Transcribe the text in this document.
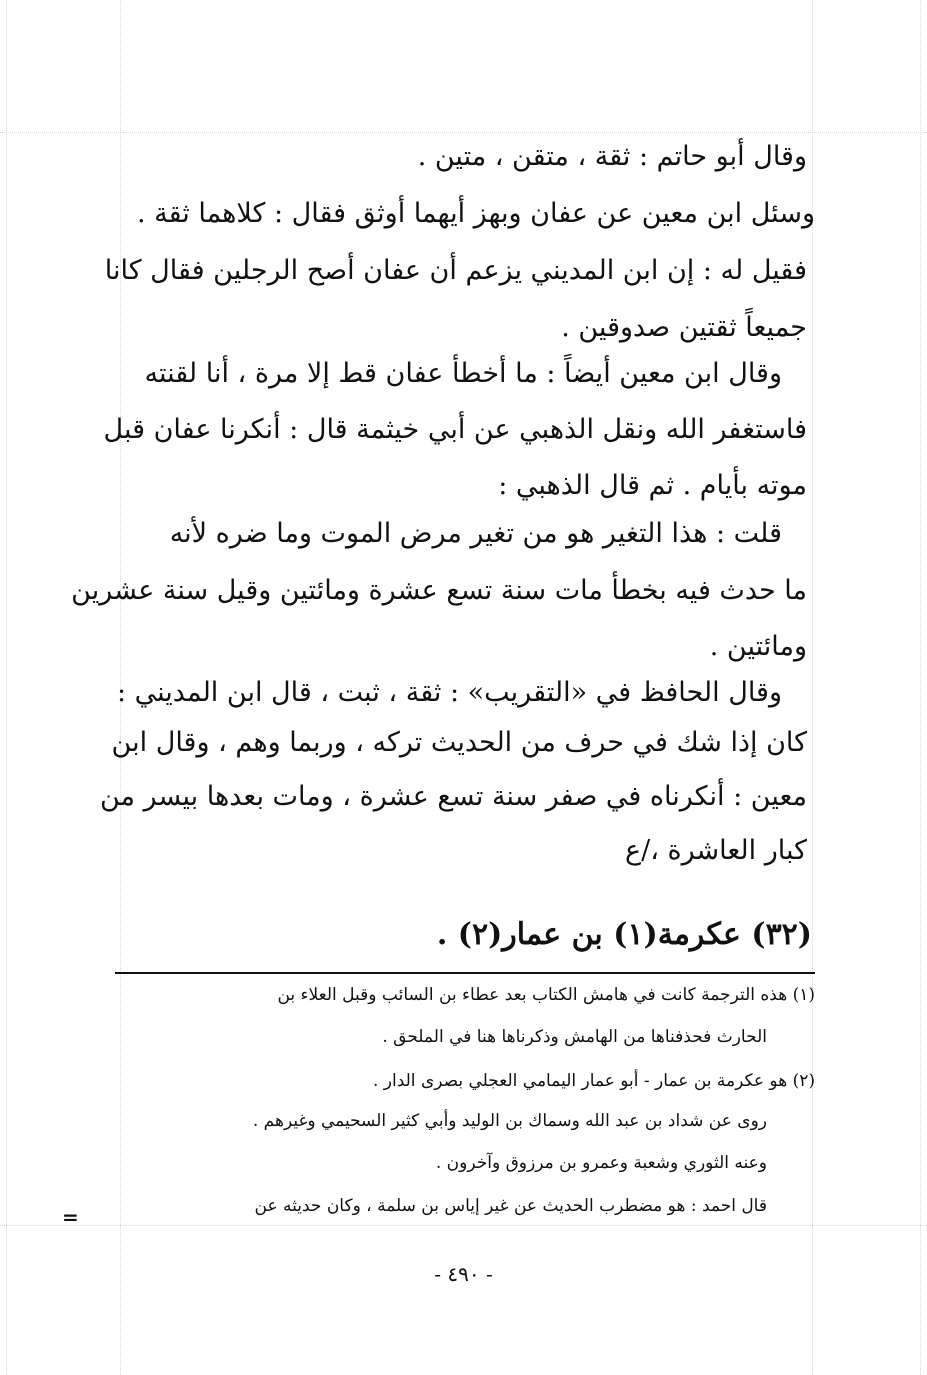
وقال أبو حاتم : ثقة ، متقن ، متين .
وسئل ابن معين عن عفان وبهز أيهما أوثق فقال : كلاهما ثقة .
فقيل له : إن ابن المديني يزعم أن عفان أصح الرجلين فقال كانا
جميعاً ثقتين صدوقين .
وقال ابن معين أيضاً : ما أخطأ عفان قط إلا مرة ، أنا لقنته
فاستغفر الله ونقل الذهبي عن أبي خيثمة قال : أنكرنا عفان قبل
موته بأيام . ثم قال الذهبي :
قلت : هذا التغير هو من تغير مرض الموت وما ضره لأنه
ما حدث فيه بخطأ مات سنة تسع عشرة ومائتين وقيل سنة عشرين
ومائتين .
وقال الحافظ في «التقريب» : ثقة ، ثبت ، قال ابن المديني :
كان إذا شك في حرف من الحديث تركه ، وربما وهم ، وقال ابن
معين : أنكرناه في صفر سنة تسع عشرة ، ومات بعدها بيسر من
كبار العاشرة ،/ع
(٣٢) عكرمة(١) بن عمار(٢) .
(١) هذه الترجمة كانت في هامش الكتاب بعد عطاء بن السائب وقبل العلاء بن
الحارث فحذفناها من الهامش وذكرناها هنا في الملحق .
(٢) هو عكرمة بن عمار - أبو عمار اليمامي العجلي بصرى الدار .
روى عن شداد بن عبد الله وسماك بن الوليد وأبي كثير السحيمي وغيرهم .
وعنه الثوري وشعبة وعمرو بن مرزوق وآخرون .
قال احمد : هو مضطرب الحديث عن غير إياس بن سلمة ، وكان حديثه عن
=
- ٤٩٠ -
